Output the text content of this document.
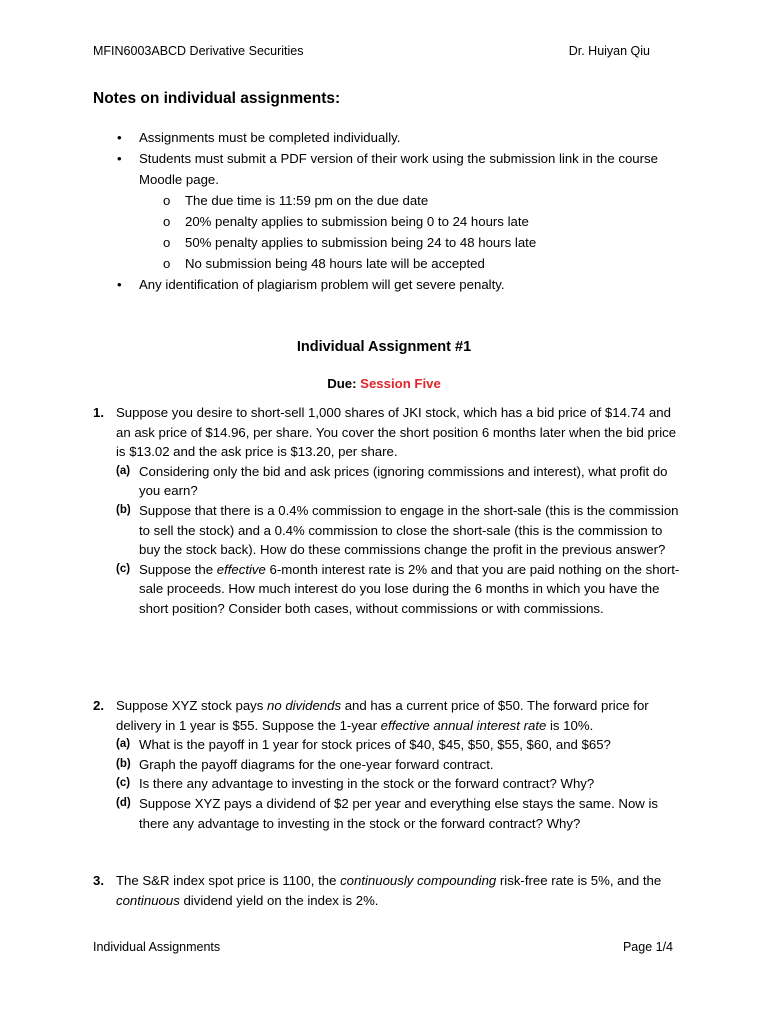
MFIN6003ABCD Derivative Securities	Dr. Huiyan Qiu
Notes on individual assignments:
• Assignments must be completed individually.
• Students must submit a PDF version of their work using the submission link in the course Moodle page.
o The due time is 11:59 pm on the due date
o 20% penalty applies to submission being 0 to 24 hours late
o 50% penalty applies to submission being 24 to 48 hours late
o No submission being 48 hours late will be accepted
• Any identification of plagiarism problem will get severe penalty.
Individual Assignment #1
Due: Session Five
1. Suppose you desire to short-sell 1,000 shares of JKI stock, which has a bid price of $14.74 and an ask price of $14.96, per share. You cover the short position 6 months later when the bid price is $13.02 and the ask price is $13.20, per share.
(a) Considering only the bid and ask prices (ignoring commissions and interest), what profit do you earn?
(b) Suppose that there is a 0.4% commission to engage in the short-sale (this is the commission to sell the stock) and a 0.4% commission to close the short-sale (this is the commission to buy the stock back). How do these commissions change the profit in the previous answer?
(c) Suppose the effective 6-month interest rate is 2% and that you are paid nothing on the short-sale proceeds. How much interest do you lose during the 6 months in which you have the short position? Consider both cases, without commissions or with commissions.
2. Suppose XYZ stock pays no dividends and has a current price of $50. The forward price for delivery in 1 year is $55. Suppose the 1-year effective annual interest rate is 10%.
(a) What is the payoff in 1 year for stock prices of $40, $45, $50, $55, $60, and $65?
(b) Graph the payoff diagrams for the one-year forward contract.
(c) Is there any advantage to investing in the stock or the forward contract? Why?
(d) Suppose XYZ pays a dividend of $2 per year and everything else stays the same. Now is there any advantage to investing in the stock or the forward contract? Why?
3. The S&R index spot price is 1100, the continuously compounding risk-free rate is 5%, and the continuous dividend yield on the index is 2%.
Individual Assignments	Page 1/4
